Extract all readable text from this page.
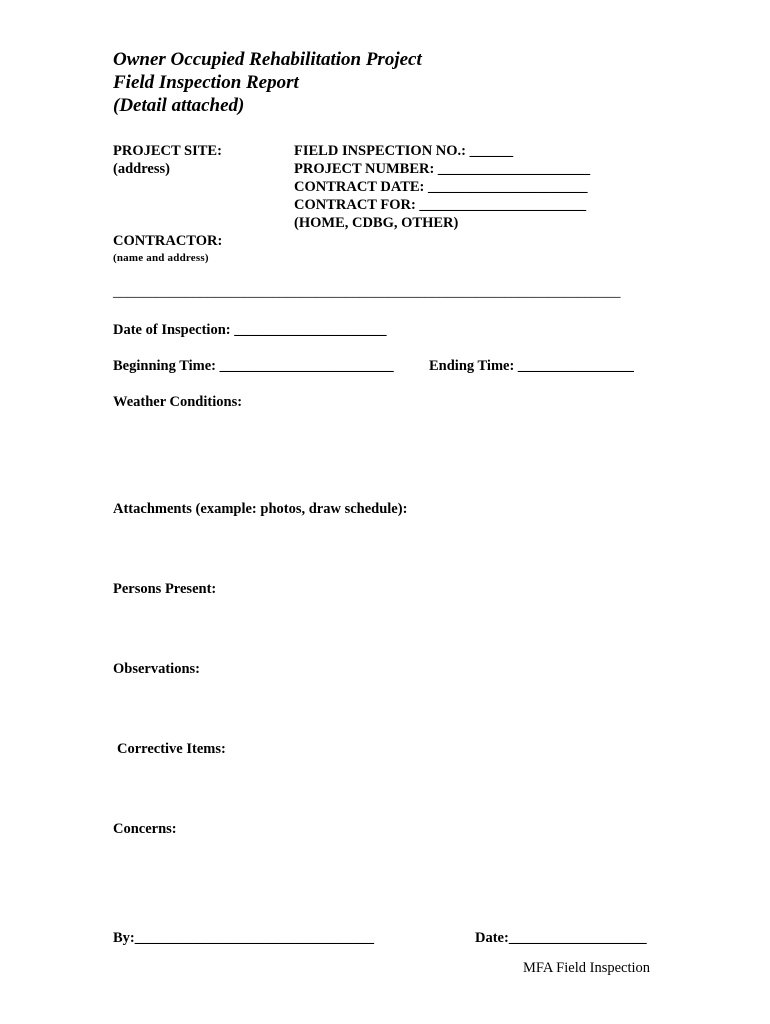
Owner Occupied Rehabilitation Project
Field Inspection Report
(Detail attached)
PROJECT SITE:
(address)
CONTRACTOR:
(name and address)
FIELD INSPECTION NO.: ______
PROJECT NUMBER: _____________________
CONTRACT DATE: ______________________
CONTRACT FOR: _______________________
(HOME, CDBG, OTHER)
______________________________________________________________________
Date of Inspection: _____________________
Beginning Time: ________________________ Ending Time: ________________
Weather Conditions:
Attachments (example: photos, draw schedule):
Persons Present:
Observations:
Corrective Items:
Concerns:
By:_________________________________	Date:___________________
MFA Field Inspection
